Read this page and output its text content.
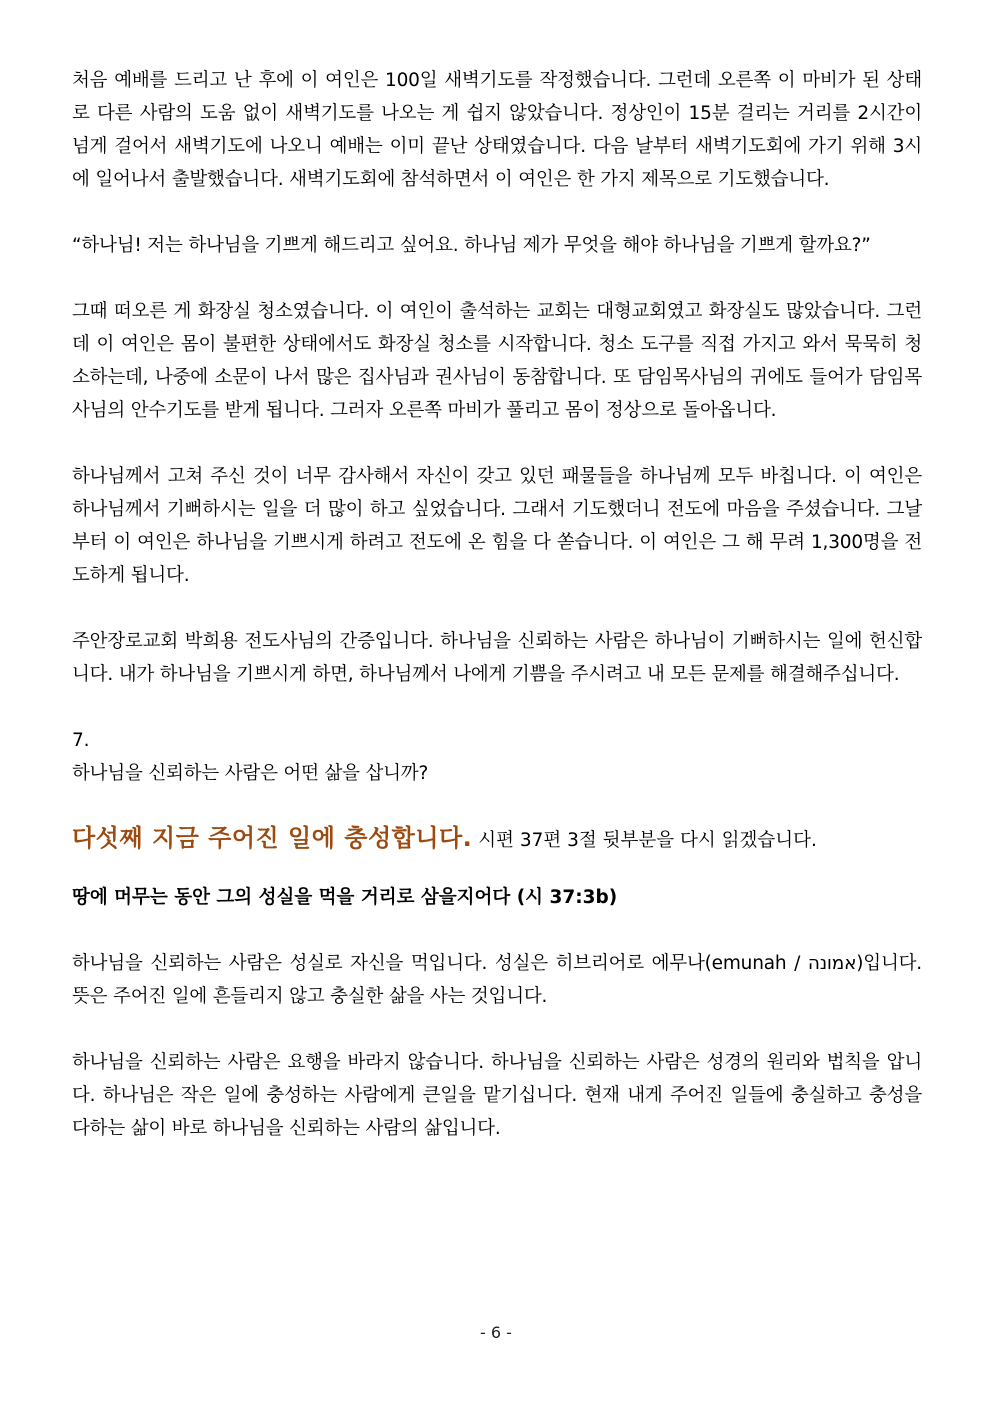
처음 예배를 드리고 난 후에 이 여인은 100일 새벽기도를 작정했습니다. 그런데 오른쪽 이 마비가 된 상태로 다른 사람의 도움 없이 새벽기도를 나오는 게 쉽지 않았습니다. 정상인이 15분 걸리는 거리를 2시간이 넘게 걸어서 새벽기도에 나오니 예배는 이미 끝난 상태였습니다. 다음 날부터 새벽기도회에 가기 위해 3시에 일어나서 출발했습니다. 새벽기도회에 참석하면서 이 여인은 한 가지 제목으로 기도했습니다.

“하나님! 저는 하나님을 기쁘게 해드리고 싶어요. 하나님 제가 무엇을 해야 하나님을 기쁘게 할까요?”

그때 떠오른 게 화장실 청소였습니다. 이 여인이 출석하는 교회는 대형교회였고 화장실도 많았습니다. 그런데 이 여인은 몸이 불편한 상태에서도 화장실 청소를 시작합니다. 청소 도구를 직접 가지고 와서 묵묵히 청소하는데, 나중에 소문이 나서 많은 집사님과 권사님이 동참합니다. 또 담임목사님의 귀에도 들어가 담임목사님의 안수기도를 받게 됩니다. 그러자 오른쪽 마비가 풀리고 몸이 정상으로 돌아옵니다.

하나님께서 고쳐 주신 것이 너무 감사해서 자신이 갖고 있던 패물들을 하나님께 모두 바칩니다. 이 여인은 하나님께서 기뻐하시는 일을 더 많이 하고 싶었습니다. 그래서 기도했더니 전도에 마음을 주셨습니다. 그날부터 이 여인은 하나님을 기쁘시게 하려고 전도에 온 힘을 다 쏟습니다. 이 여인은 그 해 무려 1,300명을 전도하게 됩니다.

주안장로교회 박희용 전도사님의 간증입니다. 하나님을 신뢰하는 사람은 하나님이 기뻐하시는 일에 헌신합니다. 내가 하나님을 기쁘시게 하면, 하나님께서 나에게 기쁨을 주시려고 내 모든 문제를 해결해주십니다.

7.
하나님을 신뢰하는 사람은 어떤 삶을 삽니까?
다섯째 지금 주어진 일에 충성합니다. 시편 37편 3절 뒷부분을 다시 읽겠습니다.

땅에 머무는 동안 그의 성실을 먹을 거리로 삼을지어다 (시 37:3b)

하나님을 신뢰하는 사람은 성실로 자신을 먹입니다. 성실은 히브리어로 에무나(emunah / אמונה)입니다. 뜻은 주어진 일에 흔들리지 않고 충실한 삶을 사는 것입니다.

하나님을 신뢰하는 사람은 요행을 바라지 않습니다. 하나님을 신뢰하는 사람은 성경의 원리와 법칙을 압니다. 하나님은 작은 일에 충성하는 사람에게 큰일을 맡기십니다. 현재 내게 주어진 일들에 충실하고 충성을 다하는 삶이 바로 하나님을 신뢰하는 사람의 삶입니다.

- 6 -
